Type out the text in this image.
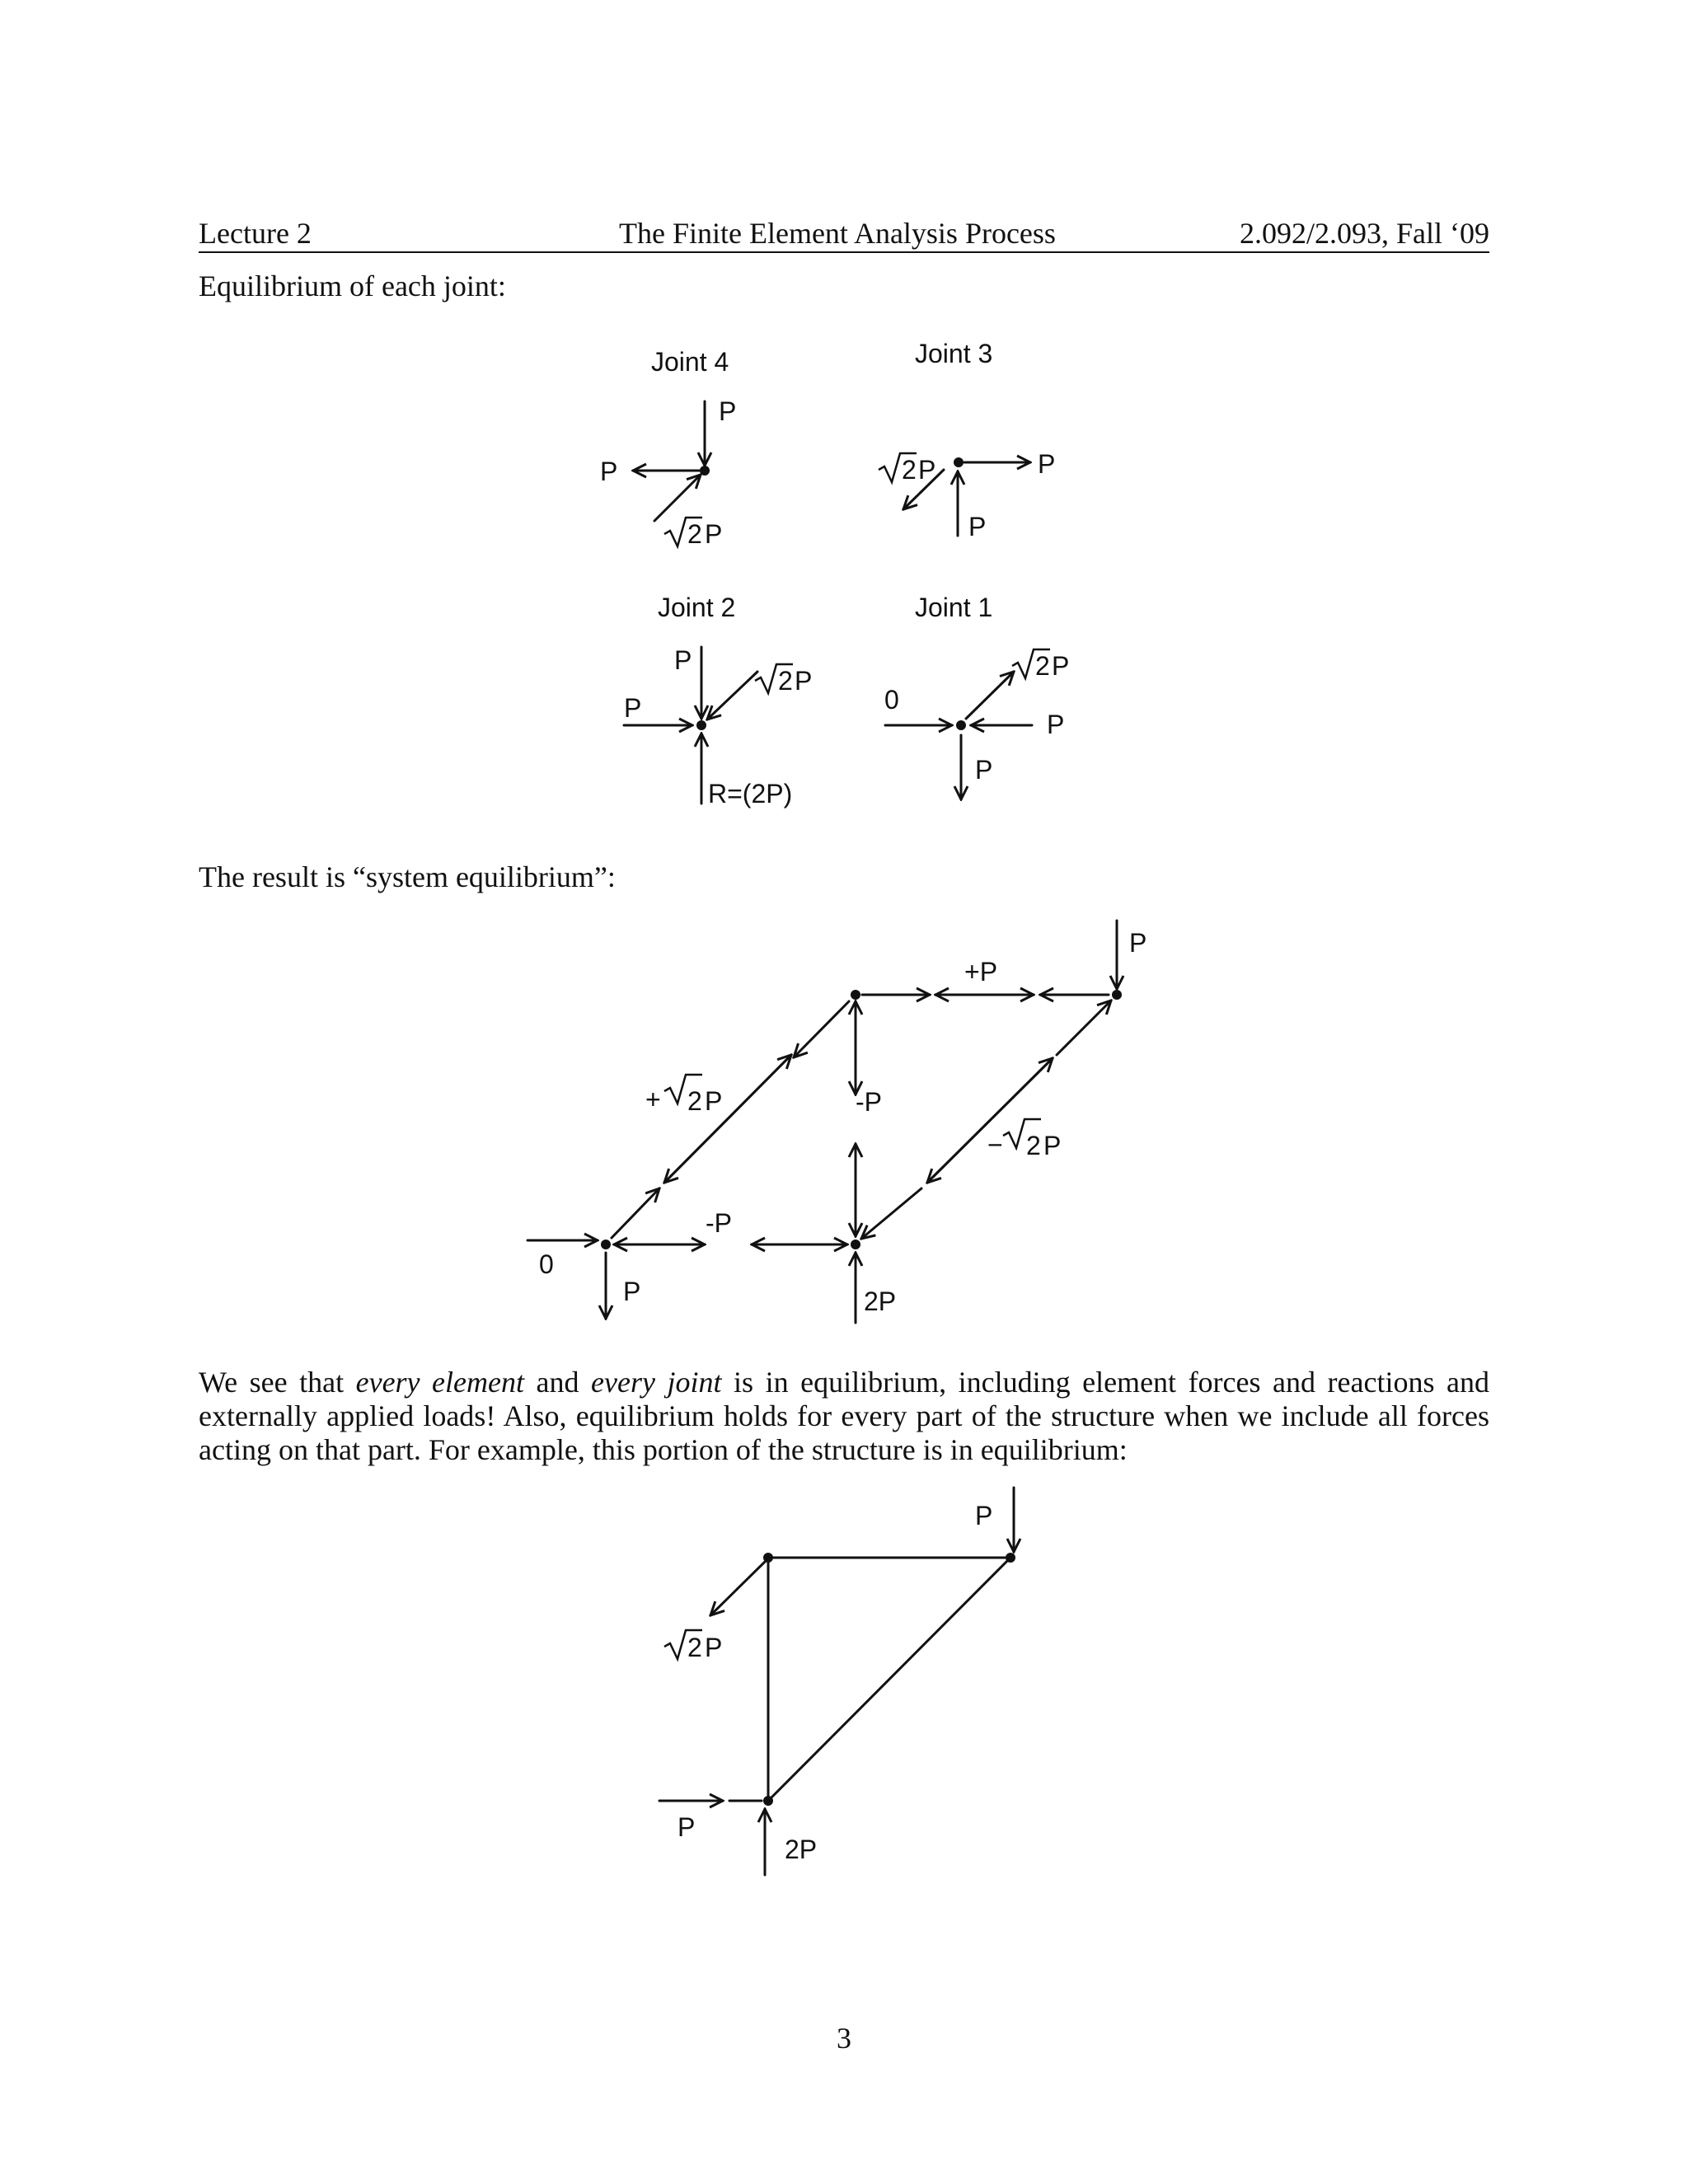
Lecture 2	The Finite Element Analysis Process	2.092/2.093, Fall ‘09
Equilibrium of each joint:
Joint 4
P
P
2 P
Joint 3
P
P
2 P
Joint 2
P
2 P
P
R=(2P)
Joint 1
0
P
2 P
P
The result is “system equilibrium”:
P
+P
-P
+ 2 P
− 2 P
-P
0
P	2P
We see that every element and every joint is in equilibrium, including element forces and reactions and
externally applied loads! Also, equilibrium holds for every part of the structure when we include all forces
acting on that part. For example, this portion of the structure is in equilibrium:
P
2 P
P
2P
3
